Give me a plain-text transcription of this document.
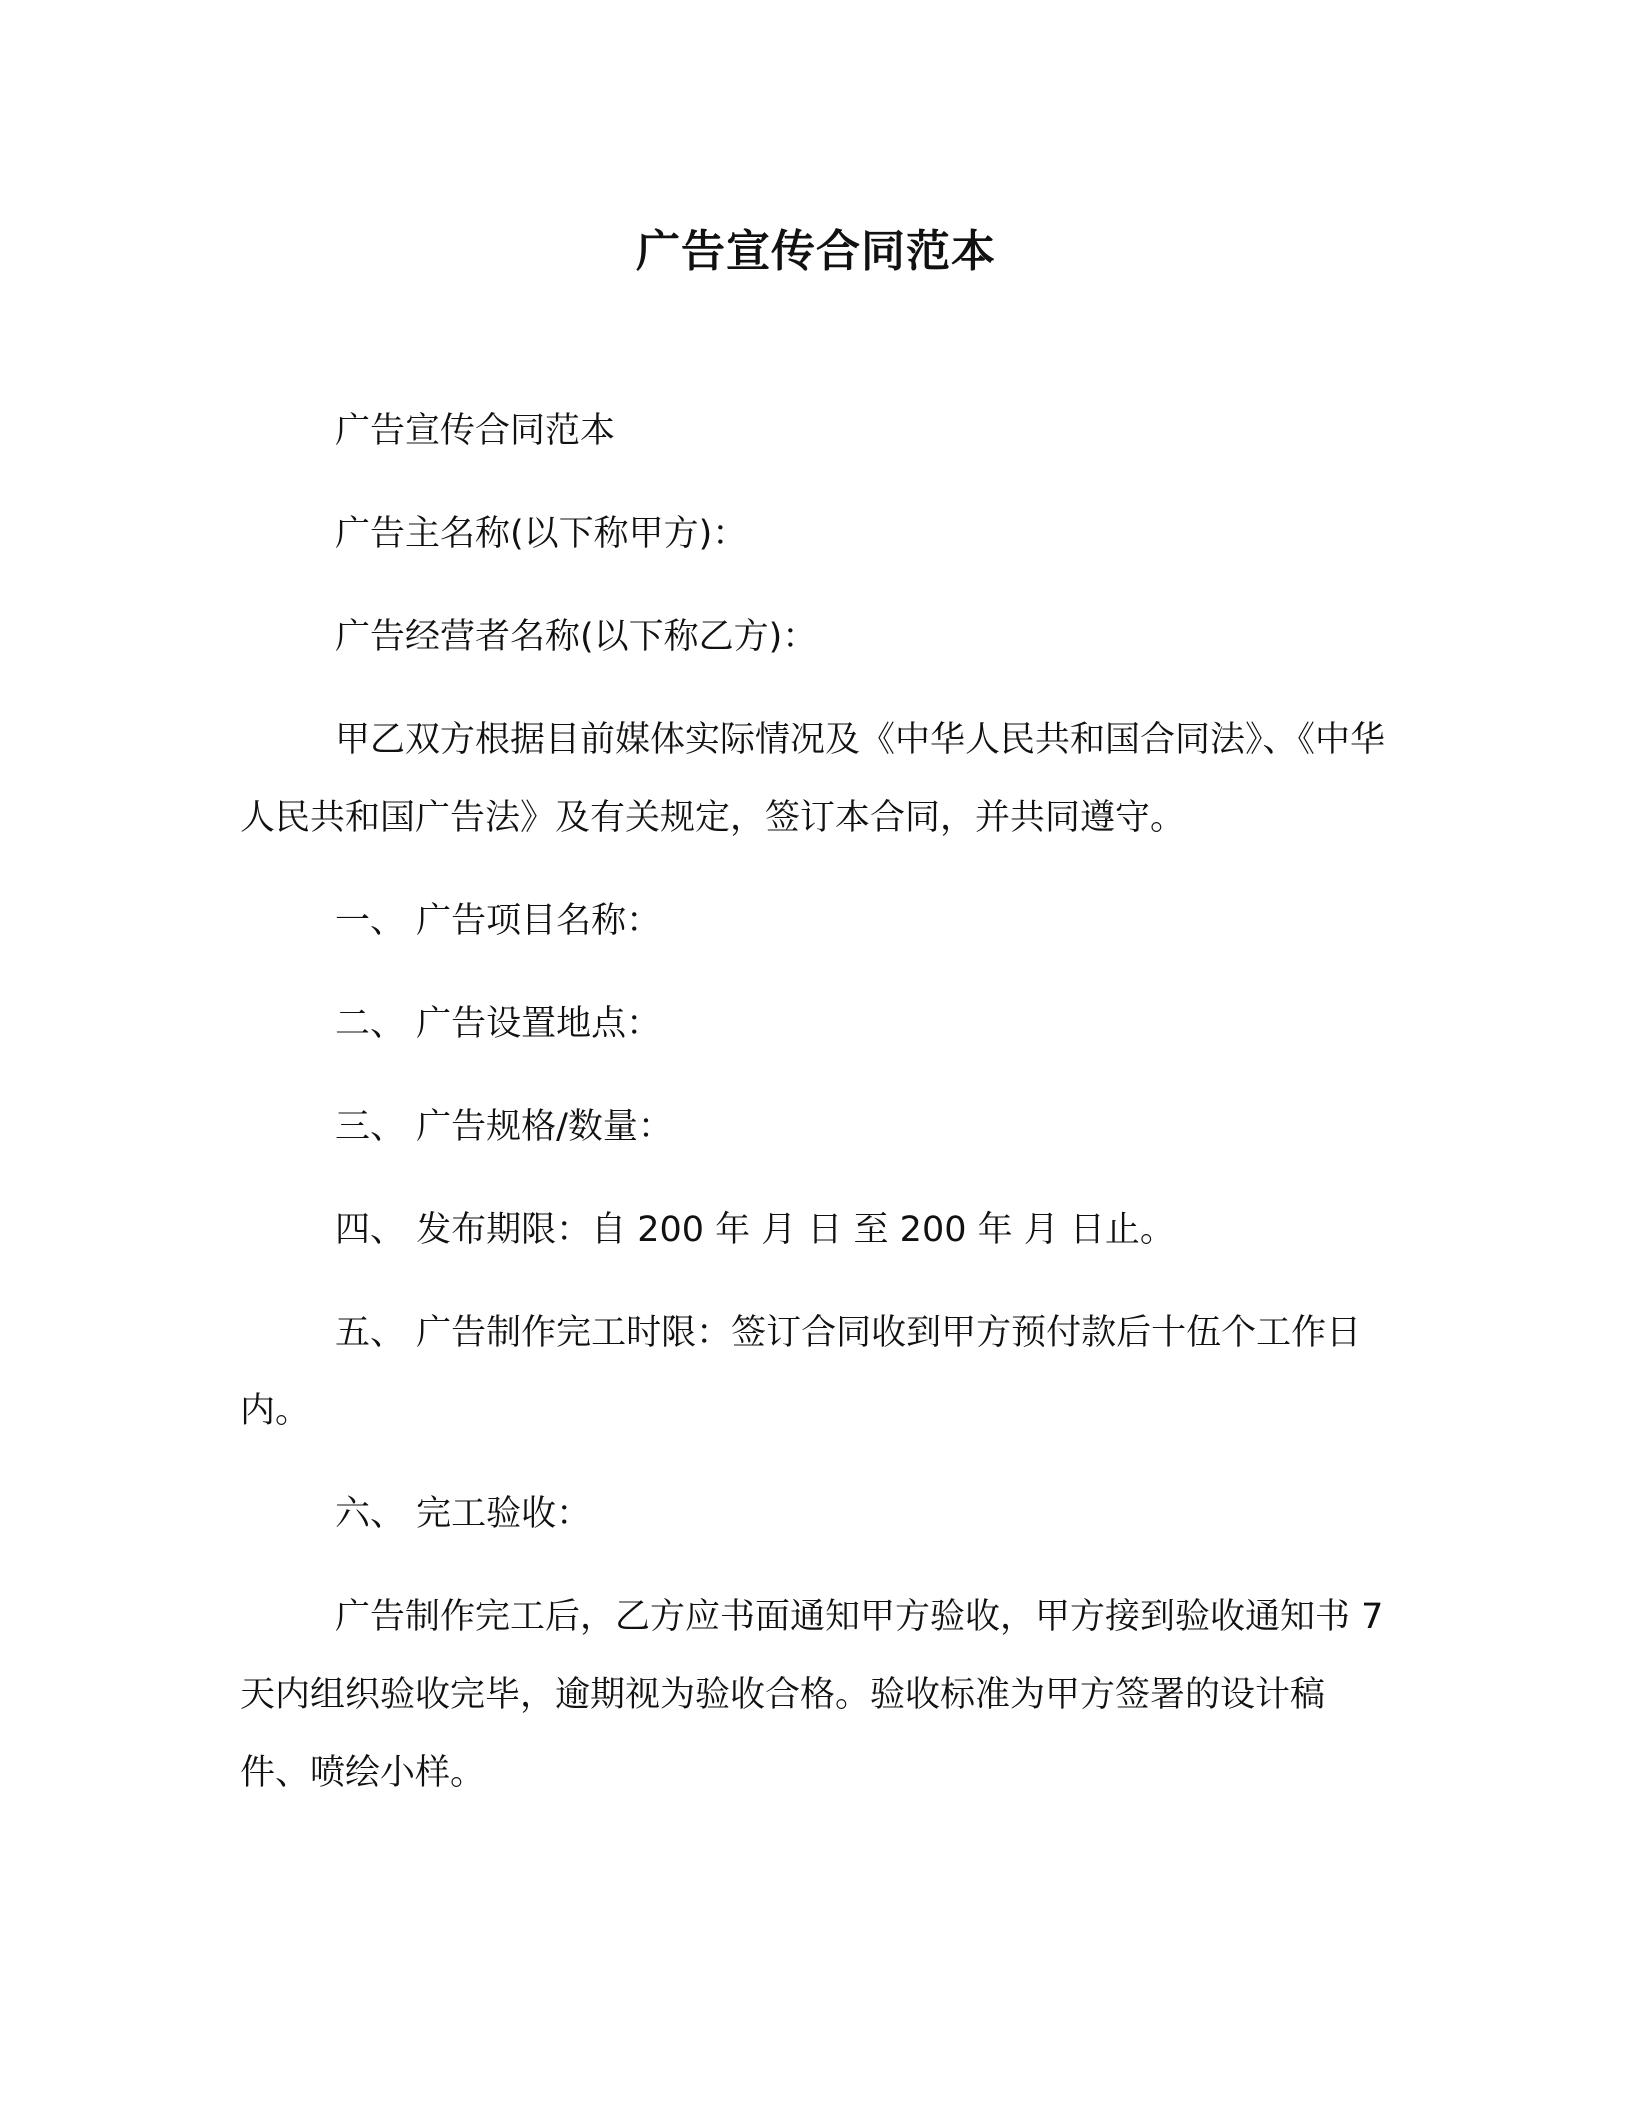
广告宣传合同范本

广告宣传合同范本

广告主名称(以下称甲方)：

广告经营者名称(以下称乙方)：

甲乙双方根据目前媒体实际情况及《中华人民共和国合同法》、《中华人民共和国广告法》及有关规定，签订本合同，并共同遵守。

一、 广告项目名称：

二、 广告设置地点：

三、 广告规格/数量：

四、 发布期限：自 200 年 月 日 至 200 年 月 日止。

五、 广告制作完工时限：签订合同收到甲方预付款后十伍个工作日内。

六、 完工验收：

广告制作完工后，乙方应书面通知甲方验收，甲方接到验收通知书 7 天内组织验收完毕，逾期视为验收合格。验收标准为甲方签署的设计稿件、喷绘小样。
